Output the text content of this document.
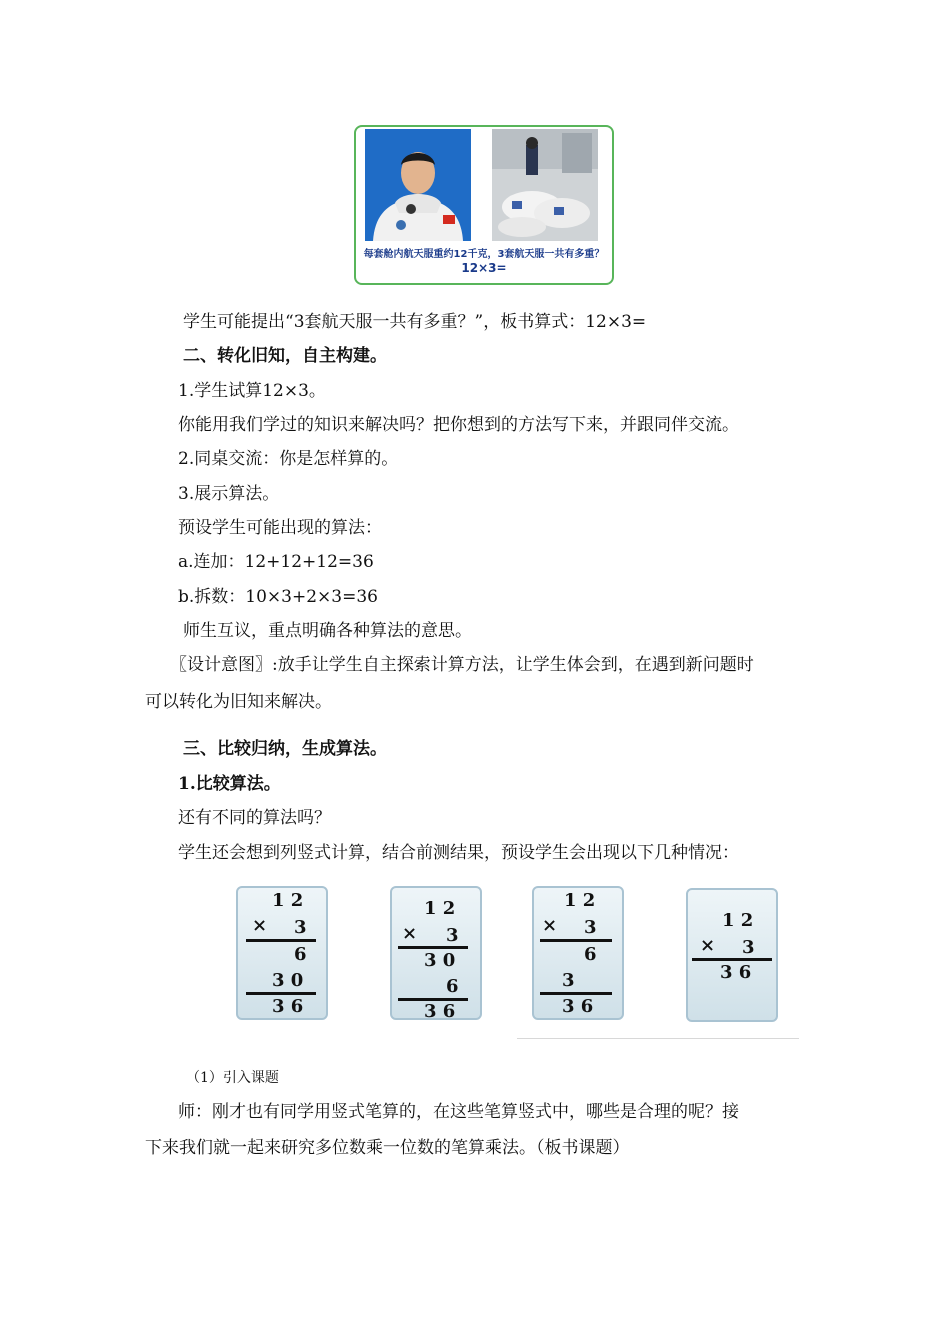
每套舱内航天服重约12千克，3套航天服一共有多重？
12×3=
学生可能提出“3套航天服一共有多重？”，板书算式：12×3=
二、转化旧知，自主构建。
1.学生试算12×3。
你能用我们学过的知识来解决吗？把你想到的方法写下来，并跟同伴交流。
2.同桌交流：你是怎样算的。
3.展示算法。
预设学生可能出现的算法：
a.连加：12+12+12=36
b.拆数：10×3+2×3=36
师生互议，重点明确各种算法的意思。
〖设计意图〗:放手让学生自主探索计算方法，让学生体会到，在遇到新问题时
可以转化为旧知来解决。
三、比较归纳，生成算法。
1.比较算法。
还有不同的算法吗？
学生还会想到列竖式计算，结合前测结果，预设学生会出现以下几种情况：
1 2
× 3
6
3 0
3 6
1 2
× 3
3 0
6
3 6
1 2
× 3
6
3
3 6
1 2
× 3
3 6
（1）引入课题
师：刚才也有同学用竖式笔算的，在这些笔算竖式中，哪些是合理的呢？接
下来我们就一起来研究多位数乘一位数的笔算乘法。（板书课题）
